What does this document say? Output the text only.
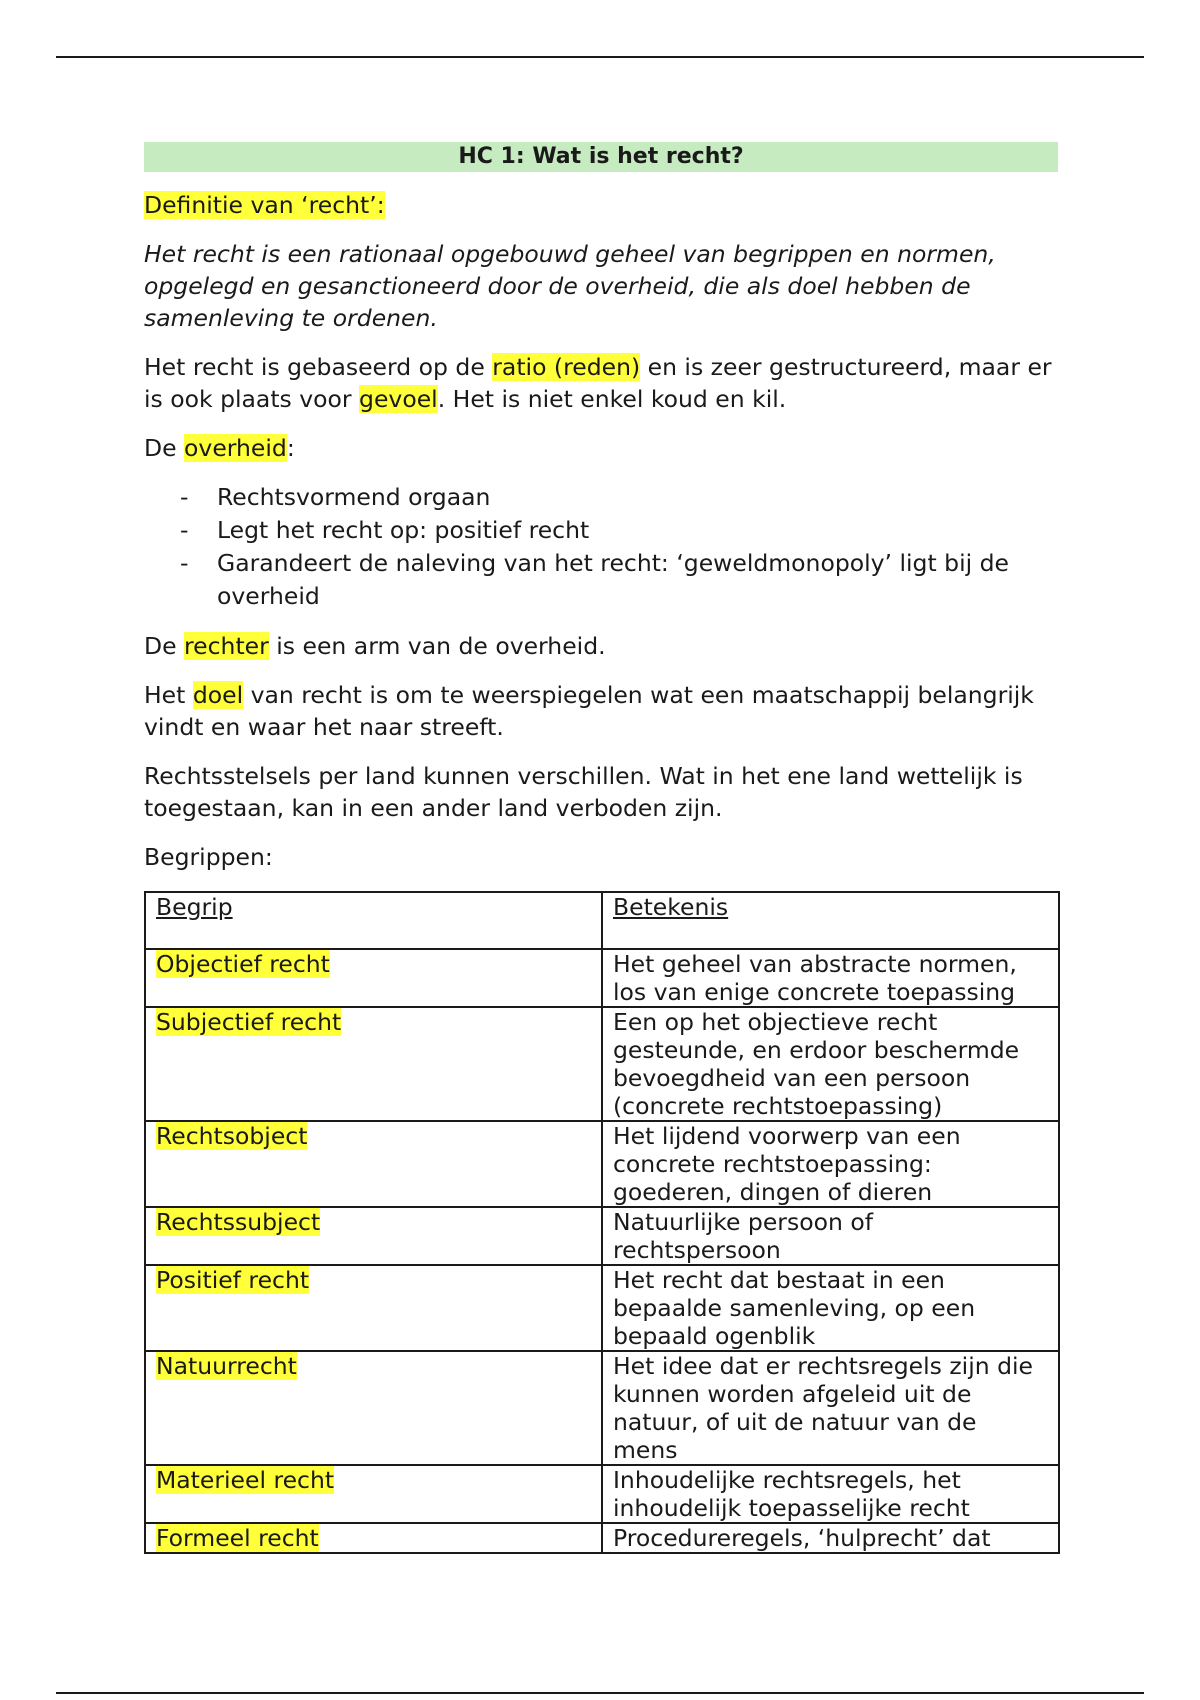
HC 1: Wat is het recht?

Definitie van ‘recht’:

Het recht is een rationaal opgebouwd geheel van begrippen en normen, opgelegd en gesanctioneerd door de overheid, die als doel hebben de samenleving te ordenen.

Het recht is gebaseerd op de ratio (reden) en is zeer gestructureerd, maar er is ook plaats voor gevoel. Het is niet enkel koud en kil.

De overheid:

- Rechtsvormend orgaan
- Legt het recht op: positief recht
- Garandeert de naleving van het recht: ‘geweldmonopoly’ ligt bij de overheid

De rechter is een arm van de overheid.

Het doel van recht is om te weerspiegelen wat een maatschappij belangrijk vindt en waar het naar streeft.

Rechtsstelsels per land kunnen verschillen. Wat in het ene land wettelijk is toegestaan, kan in een ander land verboden zijn.

Begrippen:

Begrip	Betekenis
Objectief recht	Het geheel van abstracte normen, los van enige concrete toepassing
Subjectief recht	Een op het objectieve recht gesteunde, en erdoor beschermde bevoegdheid van een persoon (concrete rechtstoepassing)
Rechtsobject	Het lijdend voorwerp van een concrete rechtstoepassing: goederen, dingen of dieren
Rechtssubject	Natuurlijke persoon of rechtspersoon
Positief recht	Het recht dat bestaat in een bepaalde samenleving, op een bepaald ogenblik
Natuurrecht	Het idee dat er rechtsregels zijn die kunnen worden afgeleid uit de natuur, of uit de natuur van de mens
Materieel recht	Inhoudelijke rechtsregels, het inhoudelijk toepasselijke recht
Formeel recht	Procedureregels, ‘hulprecht’ dat
